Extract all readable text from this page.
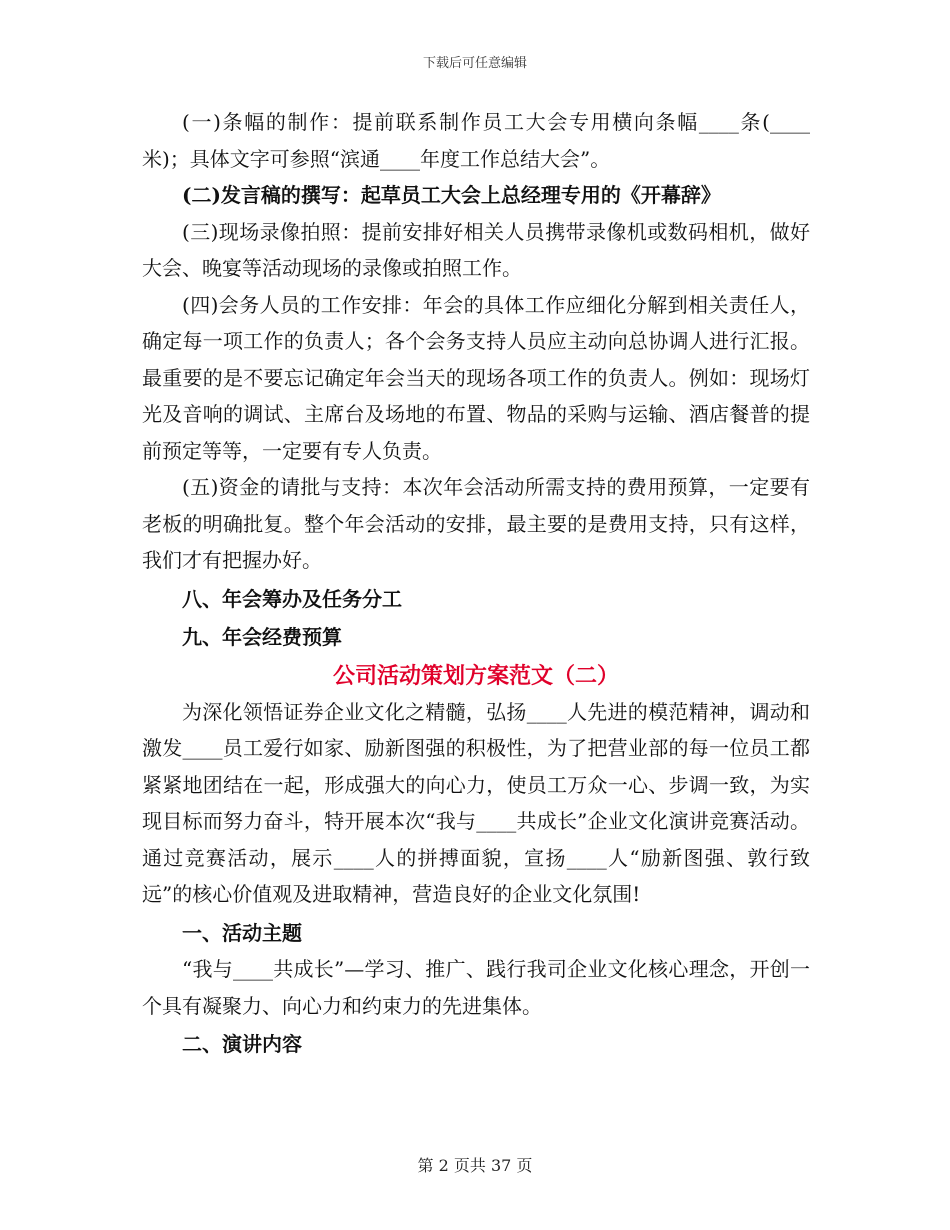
下载后可任意编辑

(一)条幅的制作：提前联系制作员工大会专用横向条幅____条(____米)；具体文字可参照“滨通____年度工作总结大会”。

(二)发言稿的撰写：起草员工大会上总经理专用的《开幕辞》

(三)现场录像拍照：提前安排好相关人员携带录像机或数码相机，做好大会、晚宴等活动现场的录像或拍照工作。

(四)会务人员的工作安排：年会的具体工作应细化分解到相关责任人，确定每一项工作的负责人；各个会务支持人员应主动向总协调人进行汇报。最重要的是不要忘记确定年会当天的现场各项工作的负责人。例如：现场灯光及音响的调试、主席台及场地的布置、物品的采购与运输、酒店餐普的提前预定等等，一定要有专人负责。

(五)资金的请批与支持：本次年会活动所需支持的费用预算，一定要有老板的明确批复。整个年会活动的安排，最主要的是费用支持，只有这样，我们才有把握办好。

八、年会筹办及任务分工

九、年会经费预算

公司活动策划方案范文（二）

为深化领悟证券企业文化之精髓，弘扬____人先进的模范精神，调动和激发____员工爱行如家、励新图强的积极性，为了把营业部的每一位员工都紧紧地团结在一起，形成强大的向心力，使员工万众一心、步调一致，为实现目标而努力奋斗，特开展本次“我与____共成长”企业文化演讲竞赛活动。通过竞赛活动，展示____人的拼搏面貌，宣扬____人“励新图强、敦行致远”的核心价值观及进取精神，营造良好的企业文化氛围!

一、活动主题

“我与____共成长”—学习、推广、践行我司企业文化核心理念，开创一个具有凝聚力、向心力和约束力的先进集体。

二、演讲内容

第 2 页共 37 页
